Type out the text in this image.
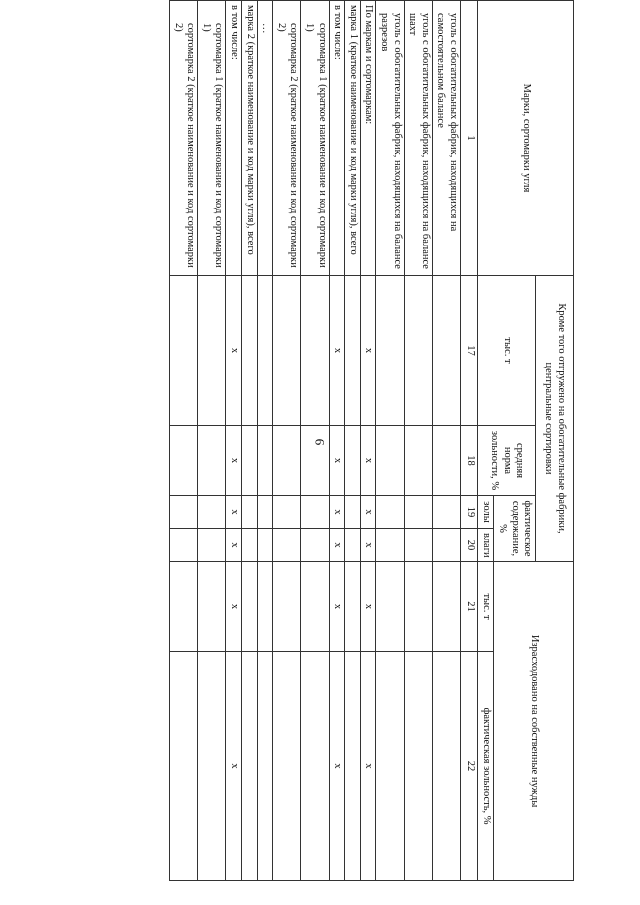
9
Марки, сортомарки угля	Кроме того отгружено на обогатительные фабрики, центральные сортировки				Израсходовано на собственные нужды	
	тыс. т	средняя норма зольности, %	фактическое содержание, %			
			золы	влаги	тыс. т	фактическая зольность, %
1	17	18	19	20	21	22
уголь с обогатительных фабрик, находящихся на самостоятельном балансе						
уголь с обогатительных фабрик, находящихся на балансе шахт						
уголь с обогатительных фабрик, находящихся на балансе разрезов						
По маркам и сортомаркам:	x	x	x	x	x	x
марка 1 (краткое наименование и код марки угля), всего						
в том числе:	x	x	x	x	x	x
сортомарка 1 (краткое наименование и код сортомарки 1)						
сортомарка 2 (краткое наименование и код сортомарки 2)						
…						
марка 2 (краткое наименование и код марки угля), всего						
в том числе:	x	x	x	x	x	x
сортомарка 1 (краткое наименование и код сортомарки 1)						
сортомарка 2 (краткое наименование и код сортомарки 2)						
